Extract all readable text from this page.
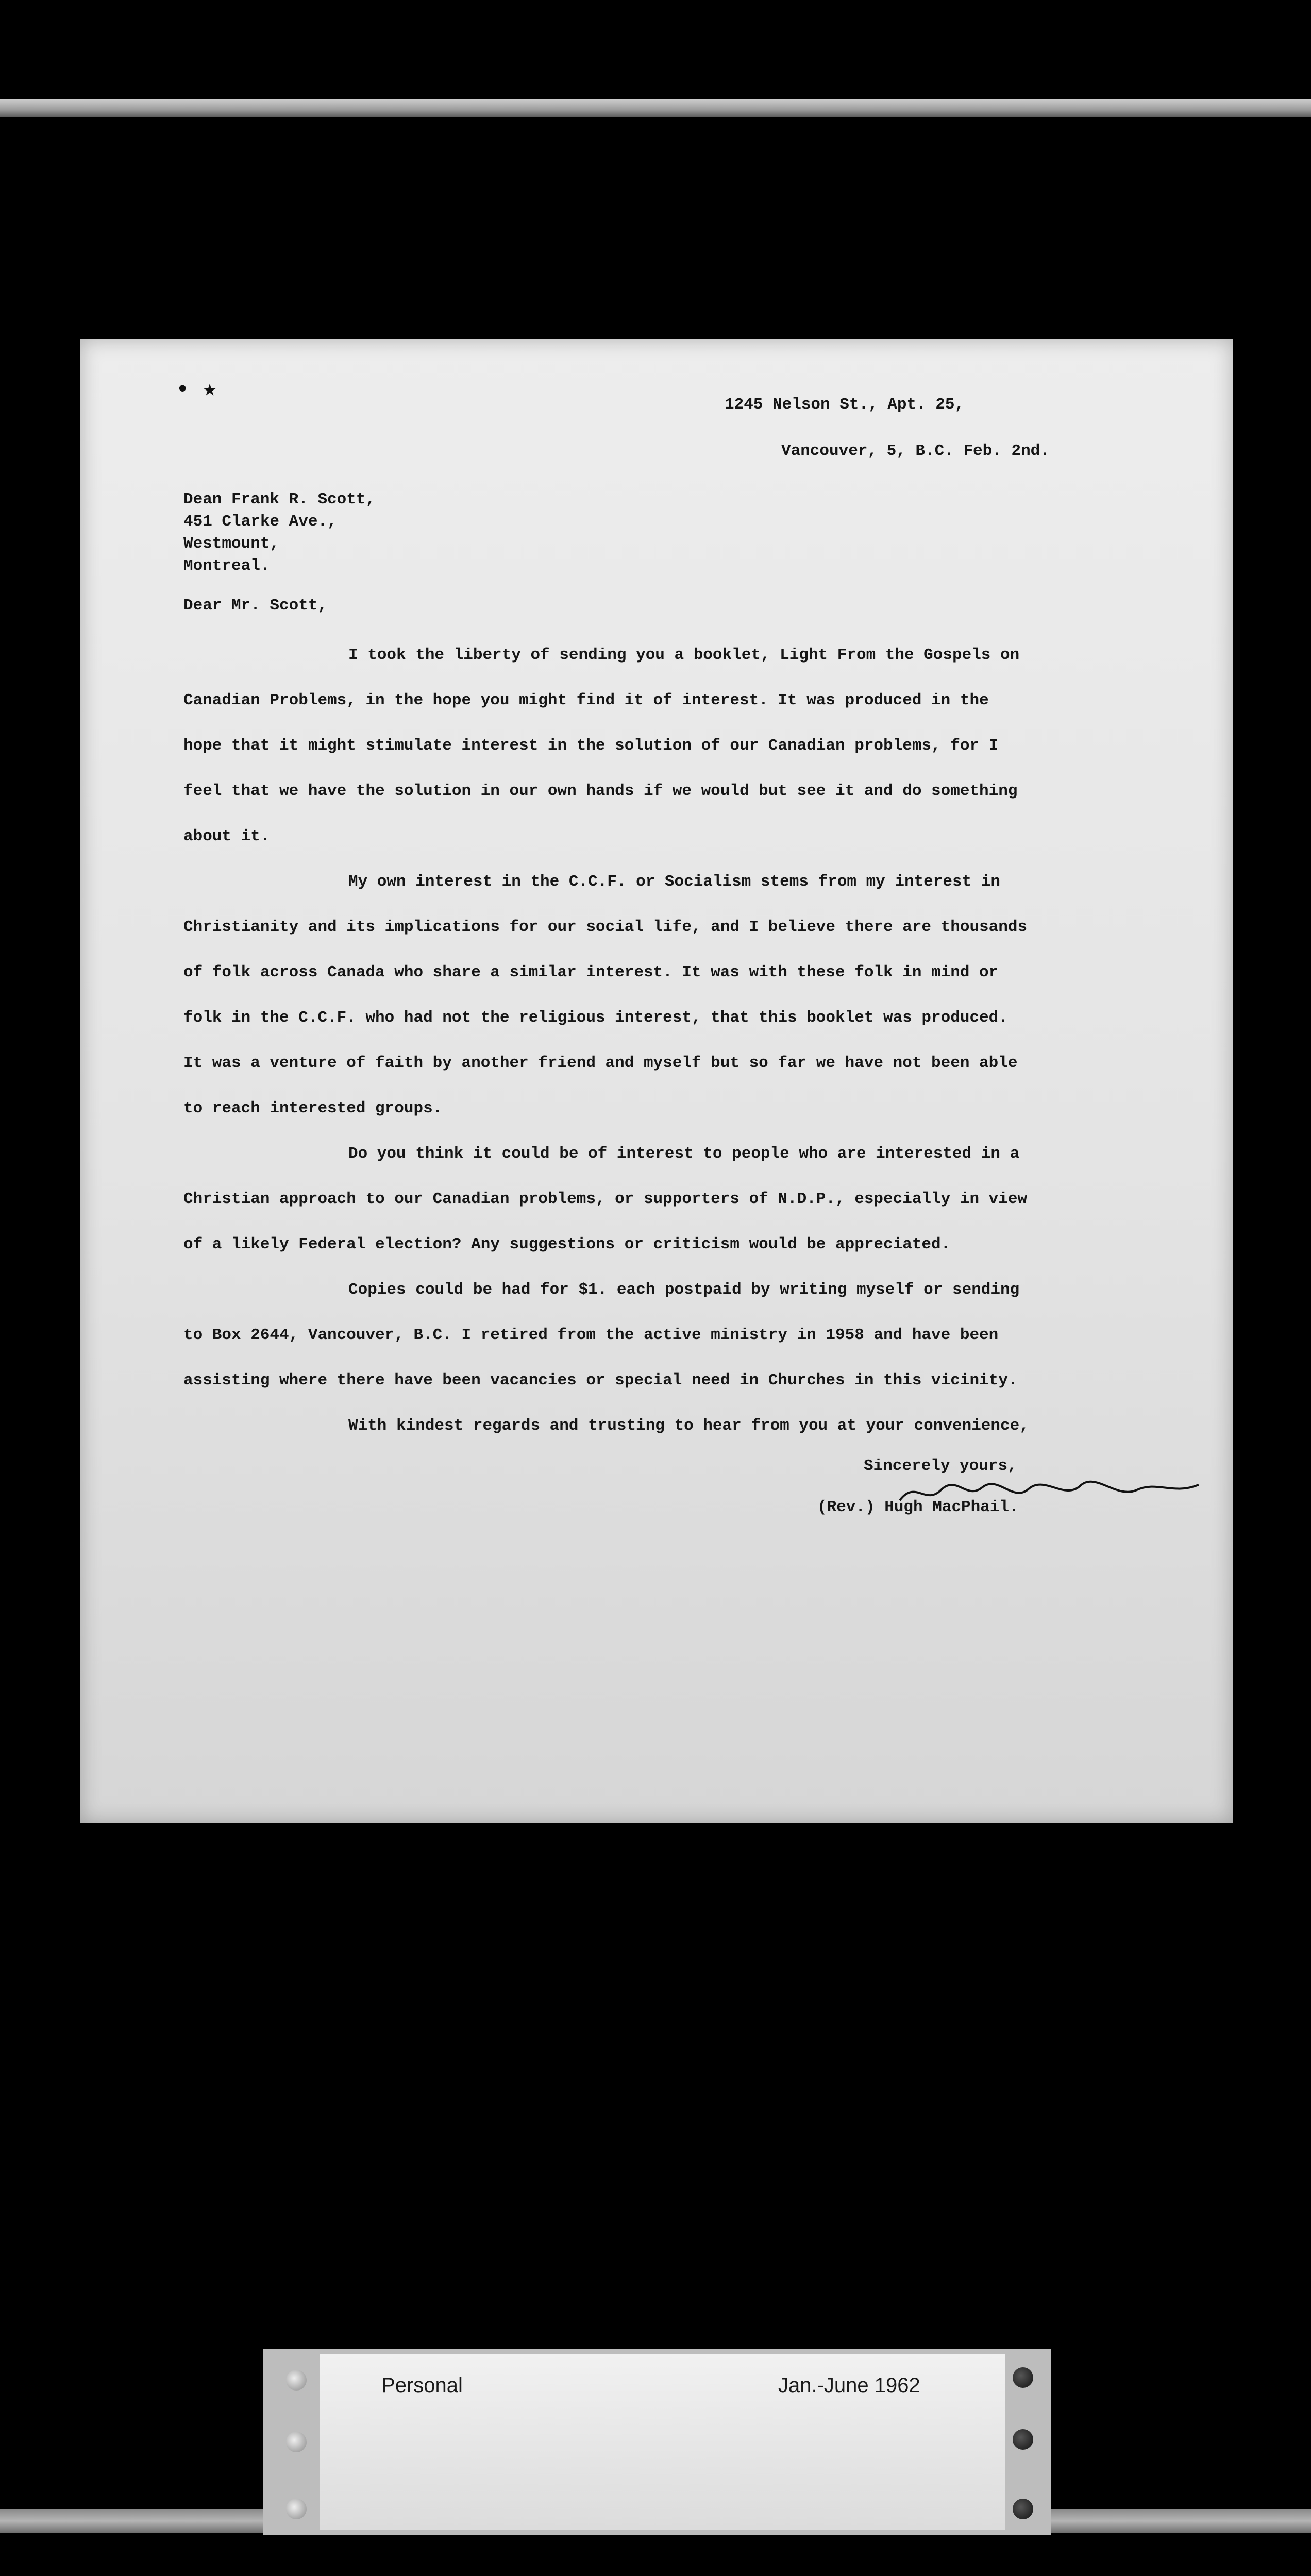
• ★
1245 Nelson St., Apt. 25,
Vancouver, 5, B.C. Feb. 2nd.
Dean Frank R. Scott,
451 Clarke Ave.,
Westmount,
Montreal.
Dear Mr. Scott,
I took the liberty of sending you a booklet, Light From the Gospels on
Canadian Problems, in the hope you might find it of interest. It was produced in the
hope that it might stimulate interest in the solution of our Canadian problems, for I
feel that we have the solution in our own hands if we would but see it and do something
about it.
My own interest in the C.C.F. or Socialism stems from my interest in
Christianity and its implications for our social life, and I believe there are thousands
of folk across Canada who share a similar interest. It was with these folk in mind or
folk in the C.C.F. who had not the religious interest, that this booklet was produced.
It was a venture of faith by another friend and myself but so far we have not been able
to reach interested groups.
Do you think it could be of interest to people who are interested in a
Christian approach to our Canadian problems, or supporters of N.D.P., especially in view
of a likely Federal election? Any suggestions or criticism would be appreciated.
Copies could be had for $1. each postpaid by writing myself or sending
to Box 2644, Vancouver, B.C. I retired from the active ministry in 1958 and have been
assisting where there have been vacancies or special need in Churches in this vicinity.
With kindest regards and trusting to hear from you at your convenience,
Sincerely yours,
(Rev.) Hugh MacPhail.
Personal	Jan.-June 1962
